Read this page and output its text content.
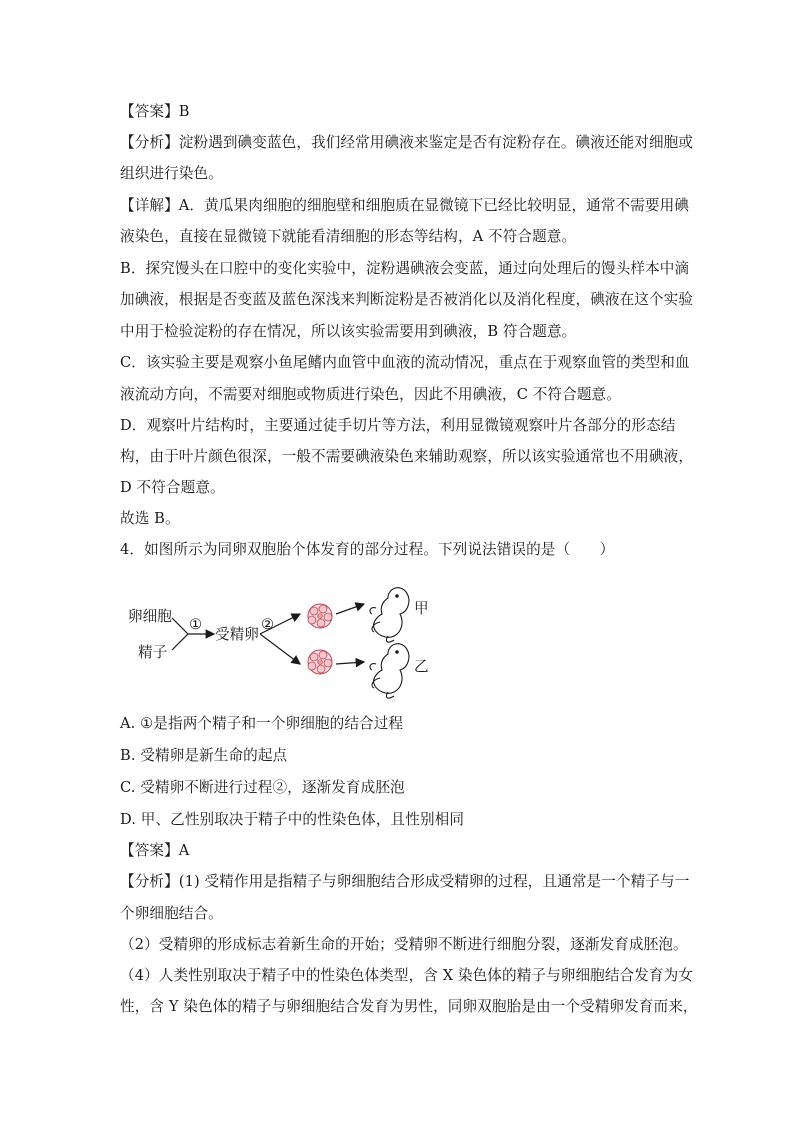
【答案】B
【分析】淀粉遇到碘变蓝色，我们经常用碘液来鉴定是否有淀粉存在。碘液还能对细胞或
组织进行染色。
【详解】A．黄瓜果肉细胞的细胞壁和细胞质在显微镜下已经比较明显，通常不需要用碘
液染色，直接在显微镜下就能看清细胞的形态等结构，A 不符合题意。
B．探究馒头在口腔中的变化实验中，淀粉遇碘液会变蓝，通过向处理后的馒头样本中滴
加碘液，根据是否变蓝及蓝色深浅来判断淀粉是否被消化以及消化程度，碘液在这个实验
中用于检验淀粉的存在情况，所以该实验需要用到碘液，B 符合题意。
C．该实验主要是观察小鱼尾鳍内血管中血液的流动情况，重点在于观察血管的类型和血
液流动方向，不需要对细胞或物质进行染色，因此不用碘液，C 不符合题意。
D．观察叶片结构时，主要通过徒手切片等方法，利用显微镜观察叶片各部分的形态结
构，由于叶片颜色很深，一般不需要碘液染色来辅助观察，所以该实验通常也不用碘液，
D 不符合题意。
故选 B。
4．如图所示为同卵双胞胎个体发育的部分过程。下列说法错误的是（　　）
卵细胞
精子
①
受精卵
②
甲
乙
A. ①是指两个精子和一个卵细胞的结合过程
B. 受精卵是新生命的起点
C. 受精卵不断进行过程②，逐渐发育成胚泡
D. 甲、乙性别取决于精子中的性染色体，且性别相同
【答案】A
【分析】(1) 受精作用是指精子与卵细胞结合形成受精卵的过程，且通常是一个精子与一
个卵细胞结合。
（2）受精卵的形成标志着新生命的开始；受精卵不断进行细胞分裂，逐渐发育成胚泡。
（4）人类性别取决于精子中的性染色体类型，含 X 染色体的精子与卵细胞结合发育为女
性，含 Y 染色体的精子与卵细胞结合发育为男性，同卵双胞胎是由一个受精卵发育而来，
